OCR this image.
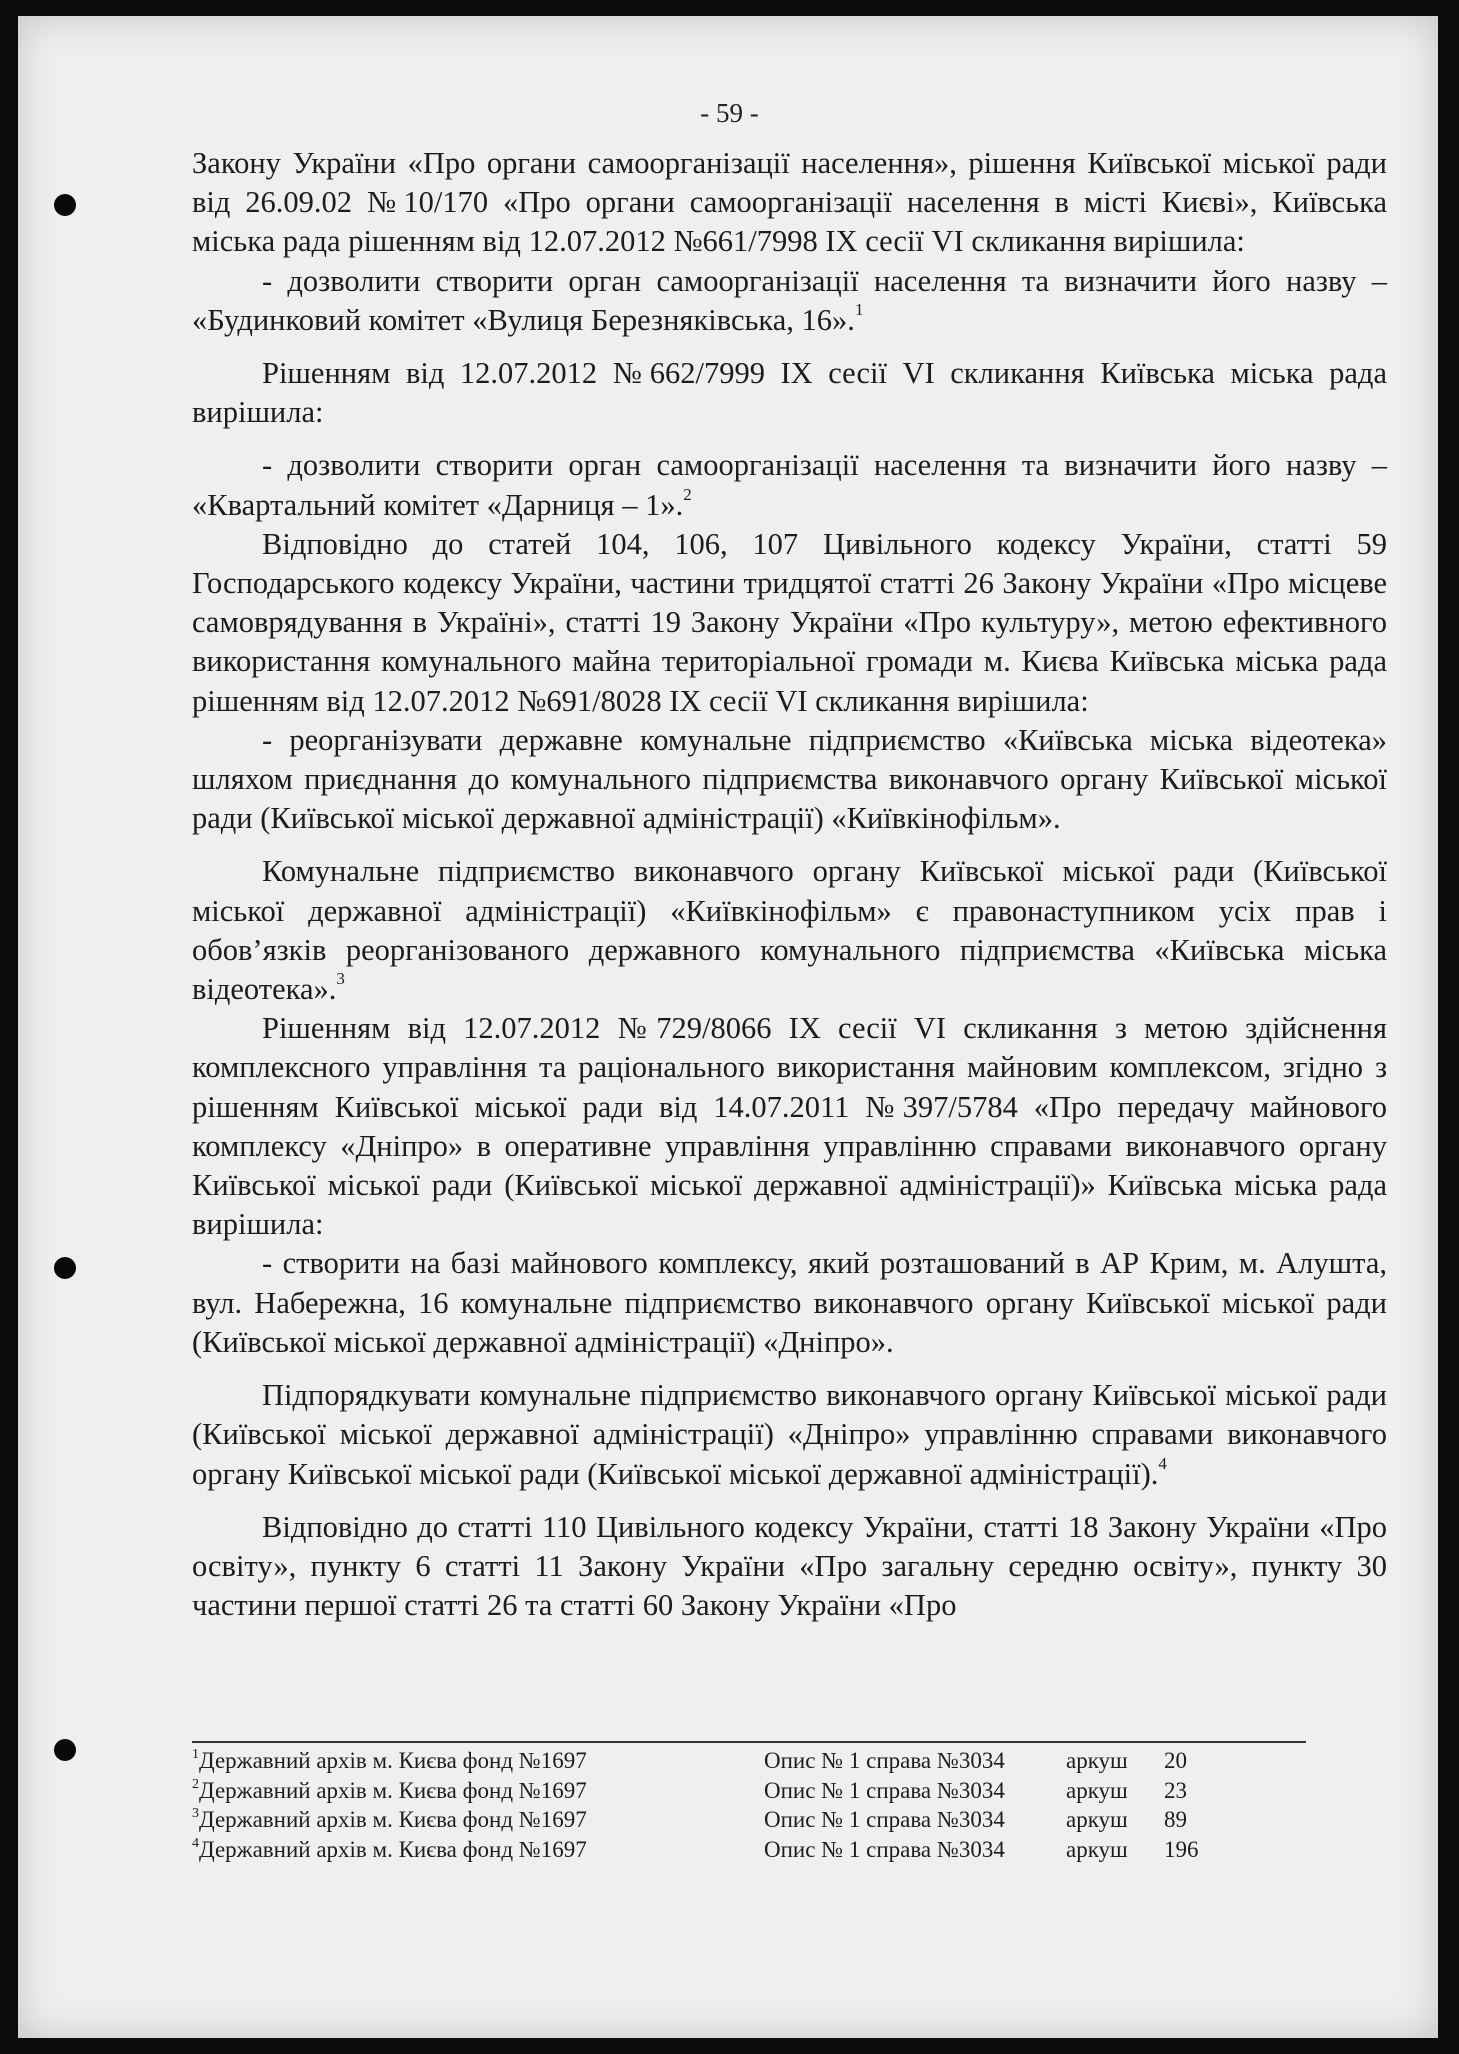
- 59 -

Закону України «Про органи самоорганізації населення», рішення Київської міської ради від 26.09.02 №10/170 «Про органи самоорганізації населення в місті Києві», Київська міська рада рішенням від 12.07.2012 №661/7998 IX сесії VI скликання вирішила:

- дозволити створити орган самоорганізації населення та визначити його назву – «Будинковий комітет «Вулиця Березняківська, 16».$^1$

Рішенням від 12.07.2012 №662/7999 IX сесії VI скликання Київська міська рада вирішила:

- дозволити створити орган самоорганізації населення та визначити його назву – «Квартальний комітет «Дарниця – 1».$^2$

Відповідно до статей 104, 106, 107 Цивільного кодексу України, статті 59 Господарського кодексу України, частини тридцятої статті 26 Закону України «Про місцеве самоврядування в Україні», статті 19 Закону України «Про культуру», метою ефективного використання комунального майна територіальної громади м. Києва Київська міська рада рішенням від 12.07.2012 №691/8028 IX сесії VI скликання вирішила:

- реорганізувати державне комунальне підприємство «Київська міська відеотека» шляхом приєднання до комунального підприємства виконавчого органу Київської міської ради (Київської міської державної адміністрації) «Київкінофільм».

Комунальне підприємство виконавчого органу Київської міської ради (Київської міської державної адміністрації) «Київкінофільм» є правонаступником усіх прав і обов’язків реорганізованого державного комунального підприємства «Київська міська відеотека».$^3$

Рішенням від 12.07.2012 №729/8066 IX сесії VI скликання з метою здійснення комплексного управління та раціонального використання майновим комплексом, згідно з рішенням Київської міської ради від 14.07.2011 №397/5784 «Про передачу майнового комплексу «Дніпро» в оперативне управління управлінню справами виконавчого органу Київської міської ради (Київської міської державної адміністрації)» Київська міська рада вирішила:

- створити на базі майнового комплексу, який розташований в АР Крим, м. Алушта, вул. Набережна, 16 комунальне підприємство виконавчого органу Київської міської ради (Київської міської державної адміністрації) «Дніпро».

Підпорядкувати комунальне підприємство виконавчого органу Київської міської ради (Київської міської державної адміністрації) «Дніпро» управлінню справами виконавчого органу Київської міської ради (Київської міської державної адміністрації).$^4$

Відповідно до статті 110 Цивільного кодексу України, статті 18 Закону України «Про освіту», пункту 6 статті 11 Закону України «Про загальну середню освіту», пункту 30 частини першої статті 26 та статті 60 Закону України «Про

$^1$Державний архів м. Києва фонд №1697	Опис № 1 справа №3034	аркуш	20
$^2$Державний архів м. Києва фонд №1697	Опис № 1 справа №3034	аркуш	23
$^3$Державний архів м. Києва фонд №1697	Опис № 1 справа №3034	аркуш	89
$^4$Державний архів м. Києва фонд №1697	Опис № 1 справа №3034	аркуш	196
